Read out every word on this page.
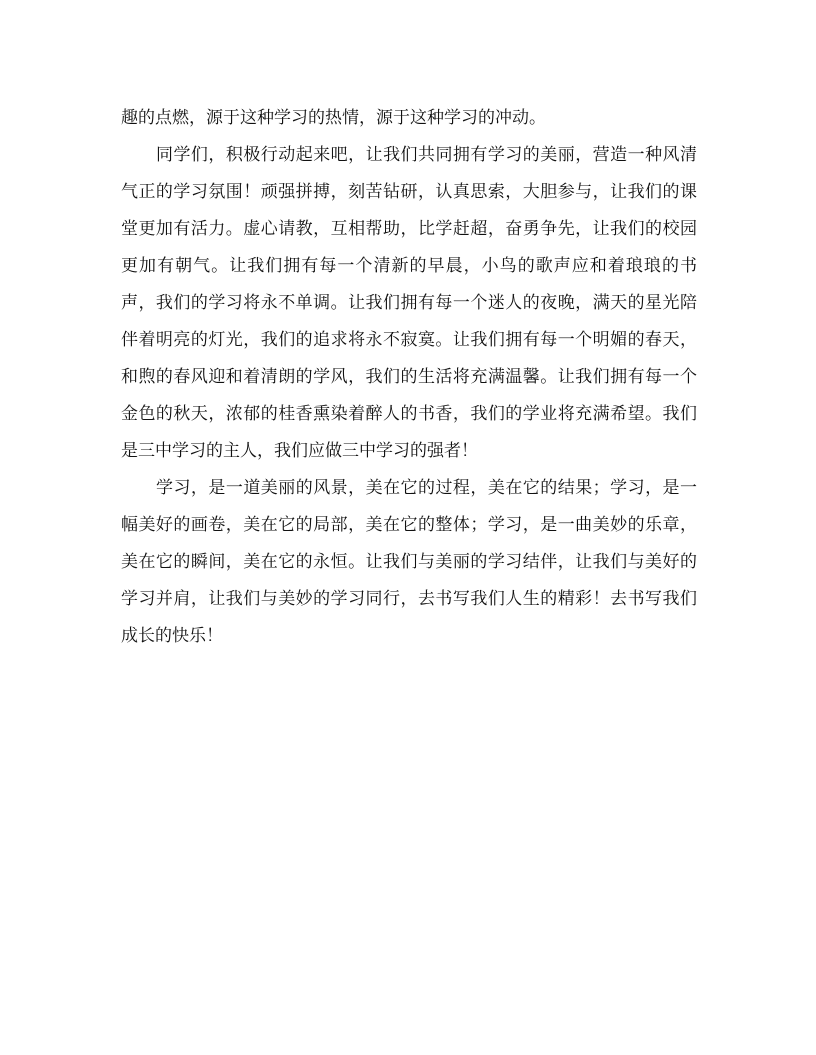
趣的点燃，源于这种学习的热情，源于这种学习的冲动。

同学们，积极行动起来吧，让我们共同拥有学习的美丽，营造一种风清气正的学习氛围！顽强拼搏，刻苦钻研，认真思索，大胆参与，让我们的课堂更加有活力。虚心请教，互相帮助，比学赶超，奋勇争先，让我们的校园更加有朝气。让我们拥有每一个清新的早晨，小鸟的歌声应和着琅琅的书声，我们的学习将永不单调。让我们拥有每一个迷人的夜晚，满天的星光陪伴着明亮的灯光，我们的追求将永不寂寞。让我们拥有每一个明媚的春天，和煦的春风迎和着清朗的学风，我们的生活将充满温馨。让我们拥有每一个金色的秋天，浓郁的桂香熏染着醉人的书香，我们的学业将充满希望。我们是三中学习的主人，我们应做三中学习的强者！

学习，是一道美丽的风景，美在它的过程，美在它的结果；学习，是一幅美好的画卷，美在它的局部，美在它的整体；学习，是一曲美妙的乐章，美在它的瞬间，美在它的永恒。让我们与美丽的学习结伴，让我们与美好的学习并肩，让我们与美妙的学习同行，去书写我们人生的精彩！去书写我们成长的快乐！
